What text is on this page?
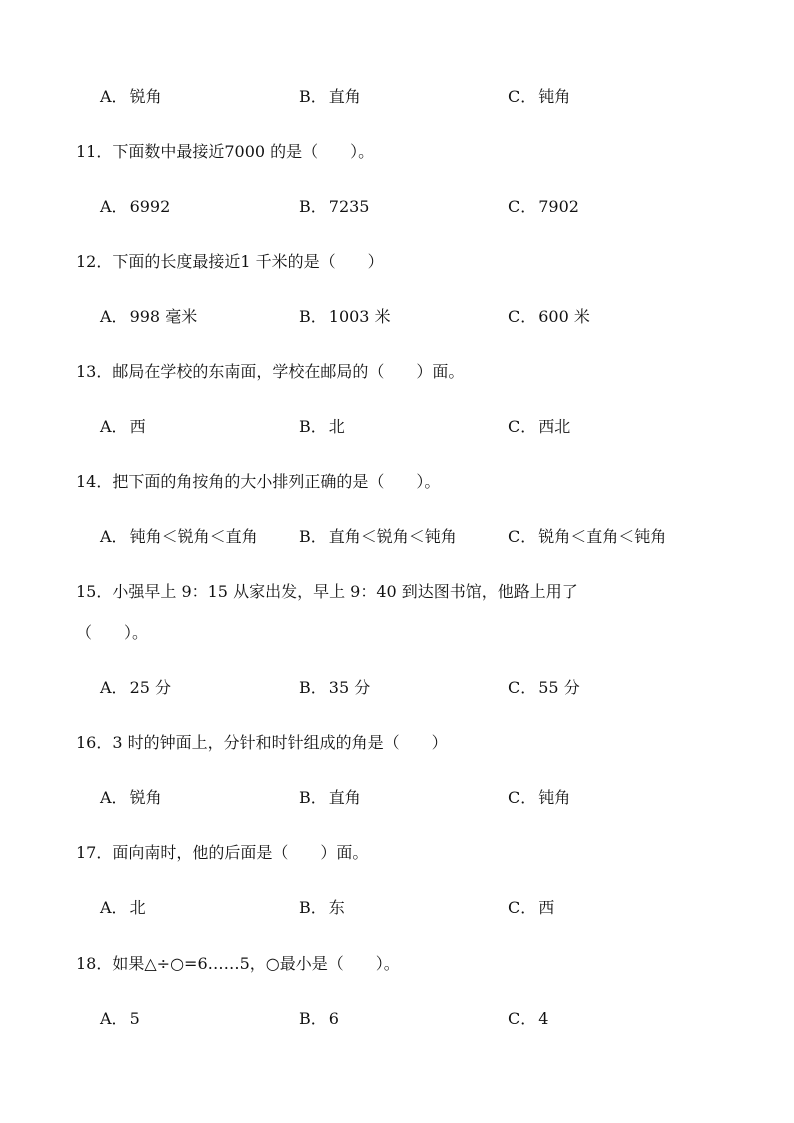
A． 锐角	B． 直角	C． 钝角
11．下面数中最接近7000 的是（　　）。
A． 6992	B． 7235	C． 7902
12．下面的长度最接近1 千米的是（　　）
A． 998 毫米	B． 1003 米	C． 600 米
13．邮局在学校的东南面，学校在邮局的（　　）面。
A． 西	B． 北	C． 西北
14．把下面的角按角的大小排列正确的是（　　）。
A． 钝角＜锐角＜直角	B． 直角＜锐角＜钝角	C． 锐角＜直角＜钝角
15．小强早上 9：15 从家出发，早上 9：40 到达图书馆，他路上用了
（　　）。
A． 25 分	B． 35 分	C． 55 分
16．3 时的钟面上，分针和时针组成的角是（　　）
A． 锐角	B． 直角	C． 钝角
17．面向南时，他的后面是（　　）面。
A． 北	B． 东	C． 西
18．如果△÷○=6……5，○最小是（　　）。
A． 5	B． 6	C． 4
